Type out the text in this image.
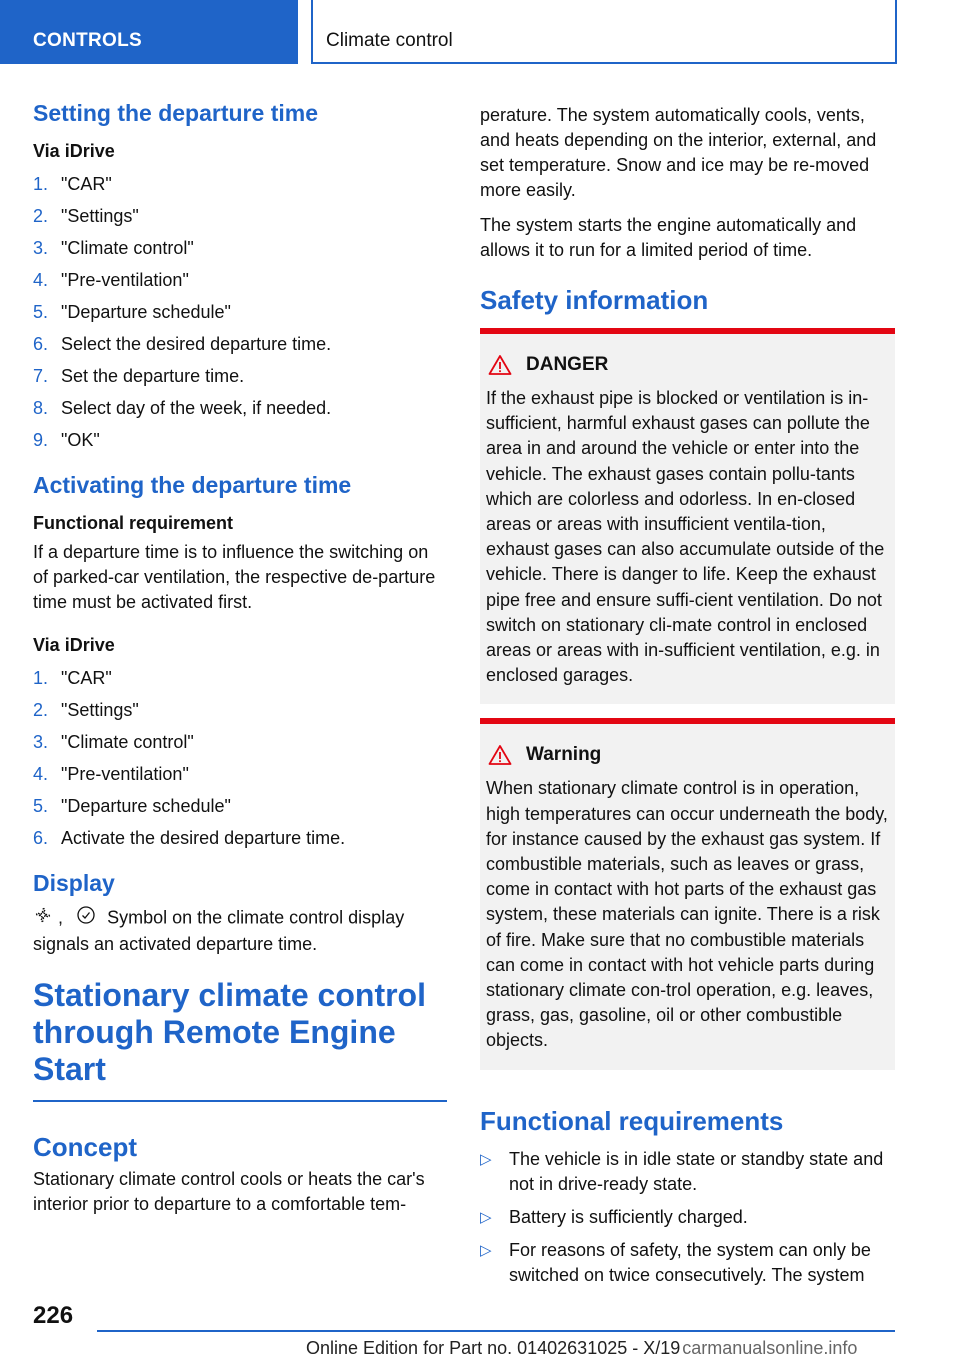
CONTROLS	Climate control
Setting the departure time
Via iDrive
1. "CAR"
2. "Settings"
3. "Climate control"
4. "Pre-ventilation"
5. "Departure schedule"
6. Select the desired departure time.
7. Set the departure time.
8. Select day of the week, if needed.
9. "OK"
Activating the departure time
Functional requirement

If a departure time is to influence the switching on of parked-car ventilation, the respective de-parture time must be activated first.

Via iDrive
1. "CAR"
2. "Settings"
3. "Climate control"
4. "Pre-ventilation"
5. "Departure schedule"
6. Activate the desired departure time.
Display

, Symbol on the climate control display
signals an activated departure time.

Stationary climate control through Remote Engine Start
Concept

Stationary climate control cools or heats the car's interior prior to departure to a comfortable tem-

perature. The system automatically cools, vents, and heats depending on the interior, external, and set temperature. Snow and ice may be re-moved more easily.

The system starts the engine automatically and allows it to run for a limited period of time.

Safety information
DANGER

If the exhaust pipe is blocked or ventilation is in-sufficient, harmful exhaust gases can pollute the area in and around the vehicle or enter into the vehicle. The exhaust gases contain pollu-tants which are colorless and odorless. In en-closed areas or areas with insufficient ventila-tion, exhaust gases can also accumulate outside of the vehicle. There is danger to life. Keep the exhaust pipe free and ensure suffi-cient ventilation. Do not switch on stationary cli-mate control in enclosed areas or areas with in-sufficient ventilation, e.g. in enclosed garages.

Warning

When stationary climate control is in operation, high temperatures can occur underneath the body, for instance caused by the exhaust gas system. If combustible materials, such as leaves or grass, come in contact with hot parts of the exhaust gas system, these materials can ignite. There is a risk of fire. Make sure that no combustible materials can come in contact with hot vehicle parts during stationary climate con-trol operation, e.g. leaves, grass, gas, gasoline, oil or other combustible objects.

Functional requirements
▷ The vehicle is in idle state or standby state and not in drive-ready state.
▷ Battery is sufficiently charged.
▷ For reasons of safety, the system can only be switched on twice consecutively. The system
226
Online Edition for Part no. 01402631025 - X/19 carmanualsonline.info
